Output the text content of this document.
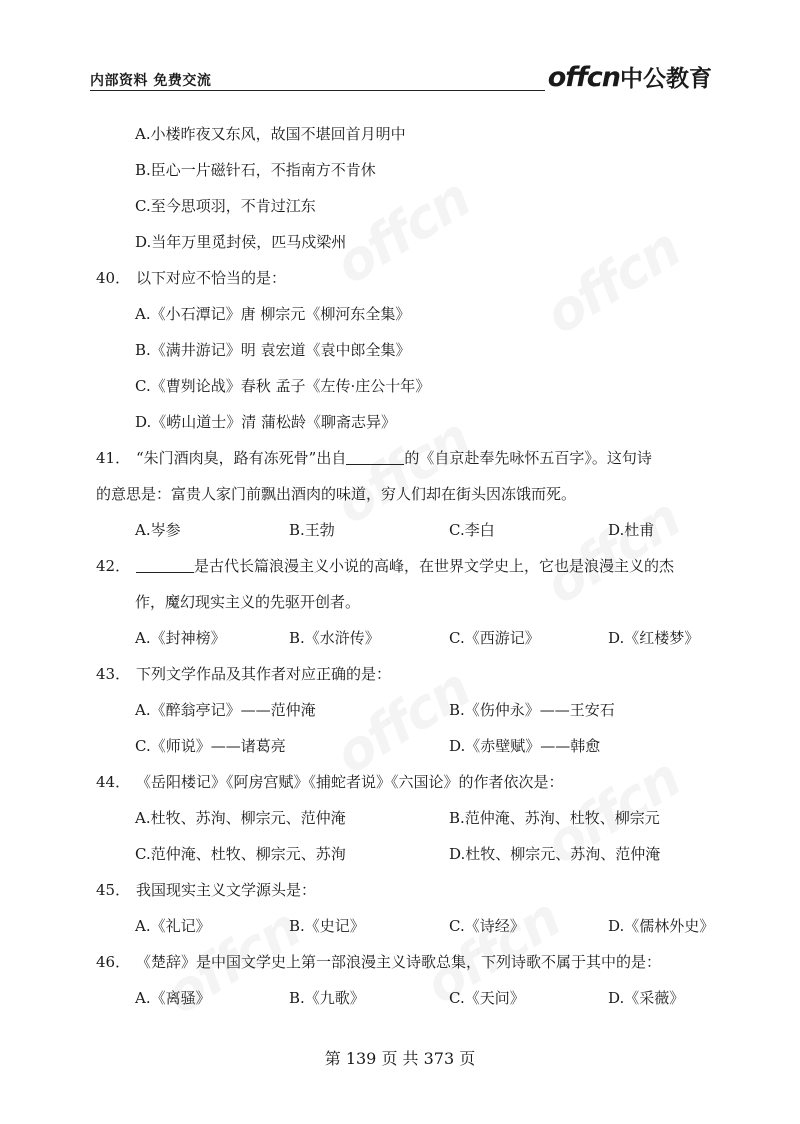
内部资料 免费交流	offcn中公教育
A.小楼昨夜又东风，故国不堪回首月明中
B.臣心一片磁针石，不指南方不肯休
C.至今思项羽，不肯过江东
D.当年万里觅封侯，匹马戍梁州
40． 以下对应不恰当的是：
A.《小石潭记》唐 柳宗元《柳河东全集》
B.《满井游记》明 袁宏道《袁中郎全集》
C.《曹刿论战》春秋 孟子《左传·庄公十年》
D.《崂山道士》清 蒲松龄《聊斋志异》
41． “朱门酒肉臭，路有冻死骨”出自	的《自京赴奉先咏怀五百字》。这句诗
的意思是：富贵人家门前飘出酒肉的味道，穷人们却在街头因冻饿而死。
A.岑参	B.王勃	C.李白	D.杜甫
42．	是古代长篇浪漫主义小说的高峰，在世界文学史上，它也是浪漫主义的杰
作，魔幻现实主义的先驱开创者。
A.《封神榜》	B.《水浒传》	C.《西游记》	D.《红楼梦》
43． 下列文学作品及其作者对应正确的是：
A.《醉翁亭记》——范仲淹	B.《伤仲永》——王安石
C.《师说》——诸葛亮	D.《赤壁赋》——韩愈
44． 《岳阳楼记》《阿房宫赋》《捕蛇者说》《六国论》的作者依次是：
A.杜牧、苏洵、柳宗元、范仲淹	B.范仲淹、苏洵、杜牧、柳宗元
C.范仲淹、杜牧、柳宗元、苏洵	D.杜牧、柳宗元、苏洵、范仲淹
45． 我国现实主义文学源头是：
A.《礼记》	B.《史记》	C.《诗经》	D.《儒林外史》
46． 《楚辞》是中国文学史上第一部浪漫主义诗歌总集，下列诗歌不属于其中的是：
A.《离骚》	B.《九歌》	C.《天问》	D.《采薇》
第 139 页 共 373 页
